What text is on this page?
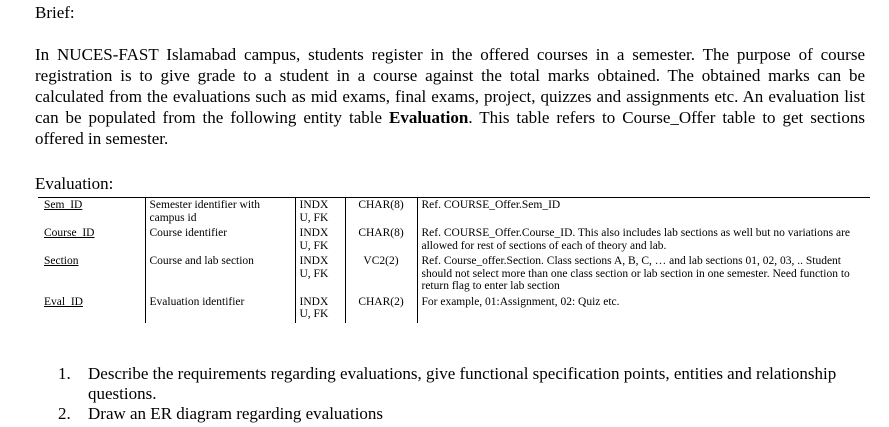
Brief:
In NUCES-FAST Islamabad campus, students register in the offered courses in a semester. The purpose of course registration is to give grade to a student in a course against the total marks obtained. The obtained marks can be calculated from the evaluations such as mid exams, final exams, project, quizzes and assignments etc. An evaluation list can be populated from the following entity table Evaluation. This table refers to Course_Offer table to get sections offered in semester.
Evaluation:
Sem_ID	Semester identifier with campus id	INDX U, FK	CHAR(8)	Ref. COURSE_Offer.Sem_ID
Course_ID	Course identifier	INDX U, FK	CHAR(8)	Ref. COURSE_Offer.Course_ID. This also includes lab sections as well but no variations are allowed for rest of sections of each of theory and lab.
Section	Course and lab section	INDX U, FK	VC2(2)	Ref. Course_offer.Section. Class sections A, B, C, … and lab sections 01, 02, 03, .. Student should not select more than one class section or lab section in one semester. Need function to return flag to enter lab section
Eval_ID	Evaluation identifier	INDX U, FK	CHAR(2)	For example, 01:Assignment, 02: Quiz etc.
1.	Describe the requirements regarding evaluations, give functional specification points, entities and relationship questions.
2.	Draw an ER diagram regarding evaluations
